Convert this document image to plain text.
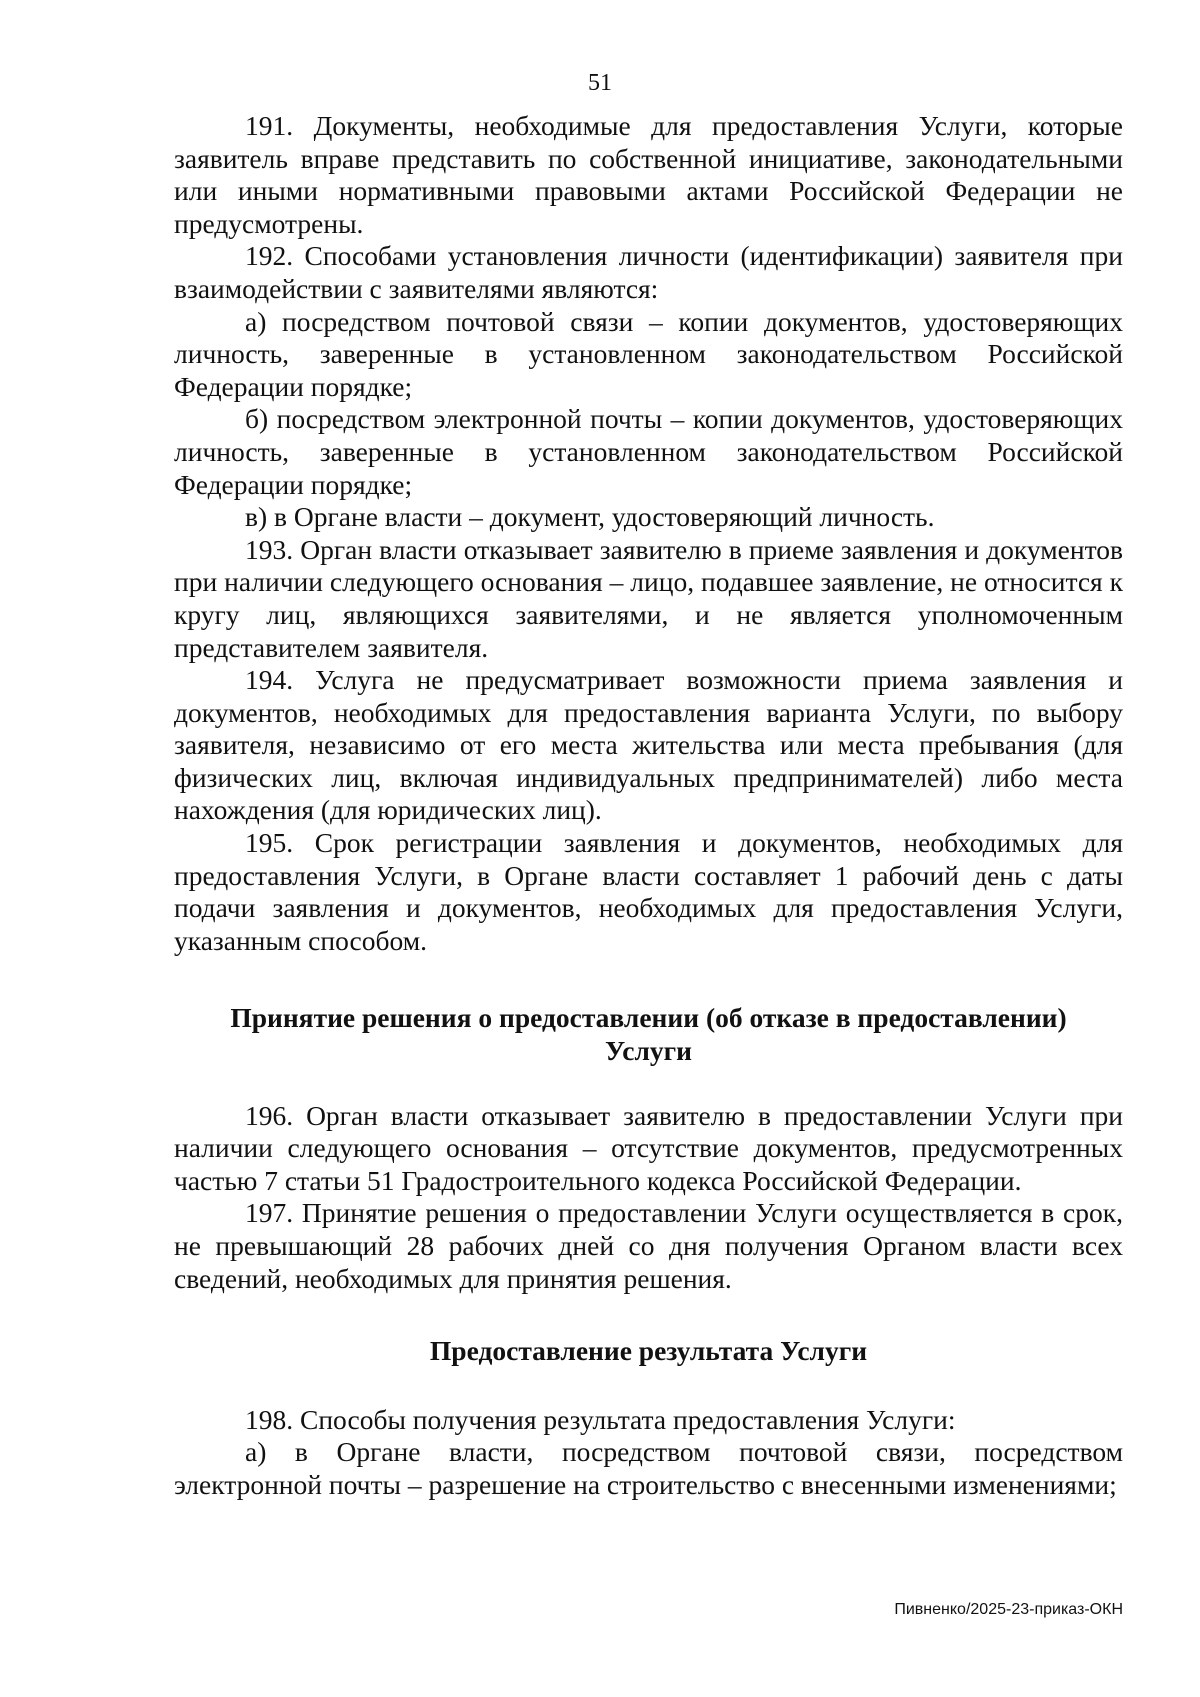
51

191. Документы, необходимые для предоставления Услуги, которые заявитель вправе представить по собственной инициативе, законодательными или иными нормативными правовыми актами Российской Федерации не предусмотрены.

192. Способами установления личности (идентификации) заявителя при взаимодействии с заявителями являются:

а) посредством почтовой связи – копии документов, удостоверяющих личность, заверенные в установленном законодательством Российской Федерации порядке;

б) посредством электронной почты – копии документов, удостоверяющих личность, заверенные в установленном законодательством Российской Федерации порядке;

в) в Органе власти – документ, удостоверяющий личность.

193. Орган власти отказывает заявителю в приеме заявления и документов при наличии следующего основания – лицо, подавшее заявление, не относится к кругу лиц, являющихся заявителями, и не является уполномоченным представителем заявителя.

194. Услуга не предусматривает возможности приема заявления и документов, необходимых для предоставления варианта Услуги, по выбору заявителя, независимо от его места жительства или места пребывания (для физических лиц, включая индивидуальных предпринимателей) либо места нахождения (для юридических лиц).

195. Срок регистрации заявления и документов, необходимых для предоставления Услуги, в Органе власти составляет 1 рабочий день с даты подачи заявления и документов, необходимых для предоставления Услуги, указанным способом.

Принятие решения о предоставлении (об отказе в предоставлении)
Услуги

196. Орган власти отказывает заявителю в предоставлении Услуги при наличии следующего основания – отсутствие документов, предусмотренных частью 7 статьи 51 Градостроительного кодекса Российской Федерации.

197. Принятие решения о предоставлении Услуги осуществляется в срок, не превышающий 28 рабочих дней со дня получения Органом власти всех сведений, необходимых для принятия решения.

Предоставление результата Услуги

198. Способы получения результата предоставления Услуги:

а) в Органе власти, посредством почтовой связи, посредством электронной почты – разрешение на строительство с внесенными изменениями;

Пивненко/2025-23-приказ-ОКН
